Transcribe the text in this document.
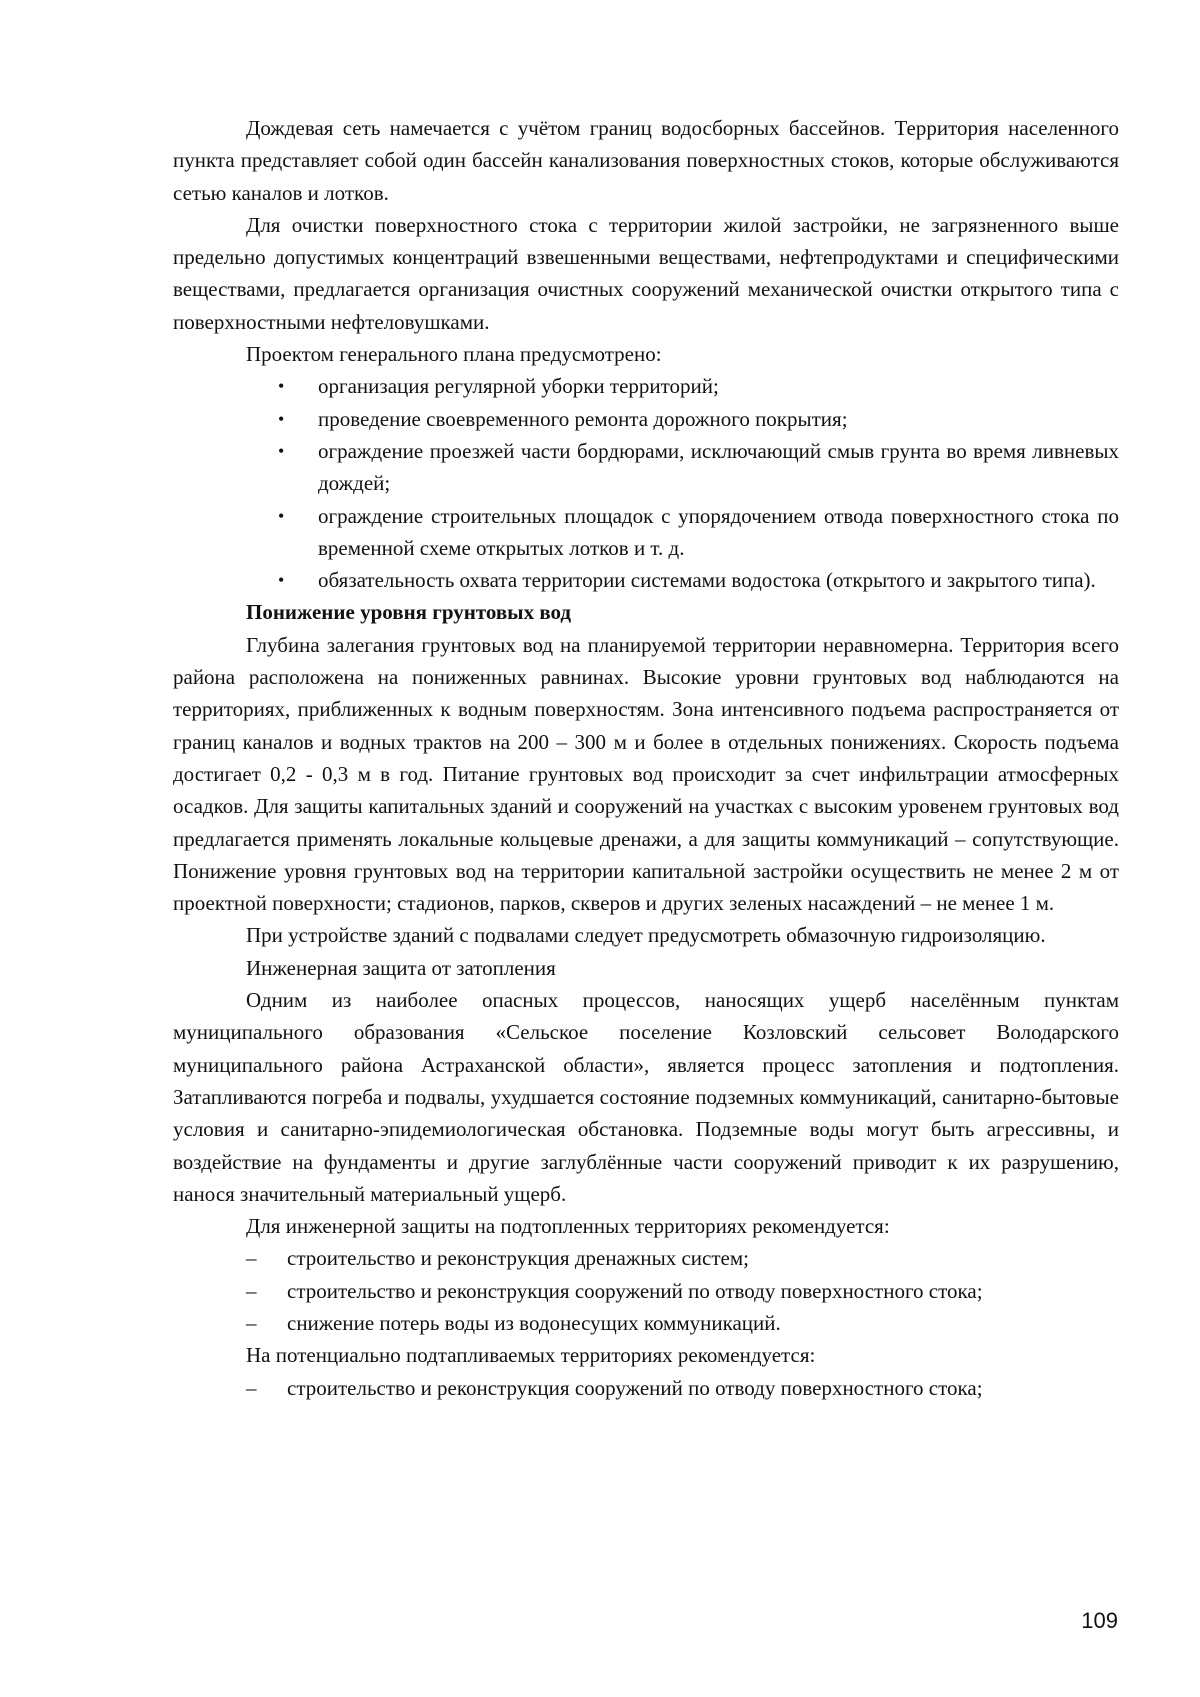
Дождевая сеть намечается с учётом границ водосборных бассейнов. Территория населенного пункта представляет собой один бассейн канализования поверхностных стоков, которые обслуживаются сетью каналов и лотков.

Для очистки поверхностного стока с территории жилой застройки, не загрязненного выше предельно допустимых концентраций взвешенными веществами, нефтепродуктами и специфическими веществами, предлагается организация очистных сооружений механической очистки открытого типа с поверхностными нефтеловушками.

Проектом генерального плана предусмотрено:

• организация регулярной уборки территорий;
• проведение своевременного ремонта дорожного покрытия;
• ограждение проезжей части бордюрами, исключающий смыв грунта во время ливневых дождей;
• ограждение строительных площадок с упорядочением отвода поверхностного стока по временной схеме открытых лотков и т. д.
• обязательность охвата территории системами водостока (открытого и закрытого типа).

Понижение уровня грунтовых вод

Глубина залегания грунтовых вод на планируемой территории неравномерна. Территория всего района расположена на пониженных равнинах. Высокие уровни грунтовых вод наблюдаются на территориях, приближенных к водным поверхностям. Зона интенсивного подъема распространяется от границ каналов и водных трактов на 200 – 300 м и более в отдельных понижениях. Скорость подъема достигает 0,2 - 0,3 м в год. Питание грунтовых вод происходит за счет инфильтрации атмосферных осадков. Для защиты капитальных зданий и сооружений на участках с высоким уровенем грунтовых вод предлагается применять локальные кольцевые дренажи, а для защиты коммуникаций – сопутствующие. Понижение уровня грунтовых вод на территории капитальной застройки осуществить не менее 2 м от проектной поверхности; стадионов, парков, скверов и других зеленых насаждений – не менее 1 м.

При устройстве зданий с подвалами следует предусмотреть обмазочную гидроизоляцию.

Инженерная защита от затопления

Одним из наиболее опасных процессов, наносящих ущерб населённым пунктам муниципального образования «Сельское поселение Козловский сельсовет Володарского муниципального района Астраханской области», является процесс затопления и подтопления. Затапливаются погреба и подвалы, ухудшается состояние подземных коммуникаций, санитарно-бытовые условия и санитарно-эпидемиологическая обстановка. Подземные воды могут быть агрессивны, и воздействие на фундаменты и другие заглублённые части сооружений приводит к их разрушению, нанося значительный материальный ущерб.

Для инженерной защиты на подтопленных территориях рекомендуется:

– строительство и реконструкция дренажных систем;
– строительство и реконструкция сооружений по отводу поверхностного стока;
– снижение потерь воды из водонесущих коммуникаций.

На потенциально подтапливаемых территориях рекомендуется:

– строительство и реконструкция сооружений по отводу поверхностного стока;
109
